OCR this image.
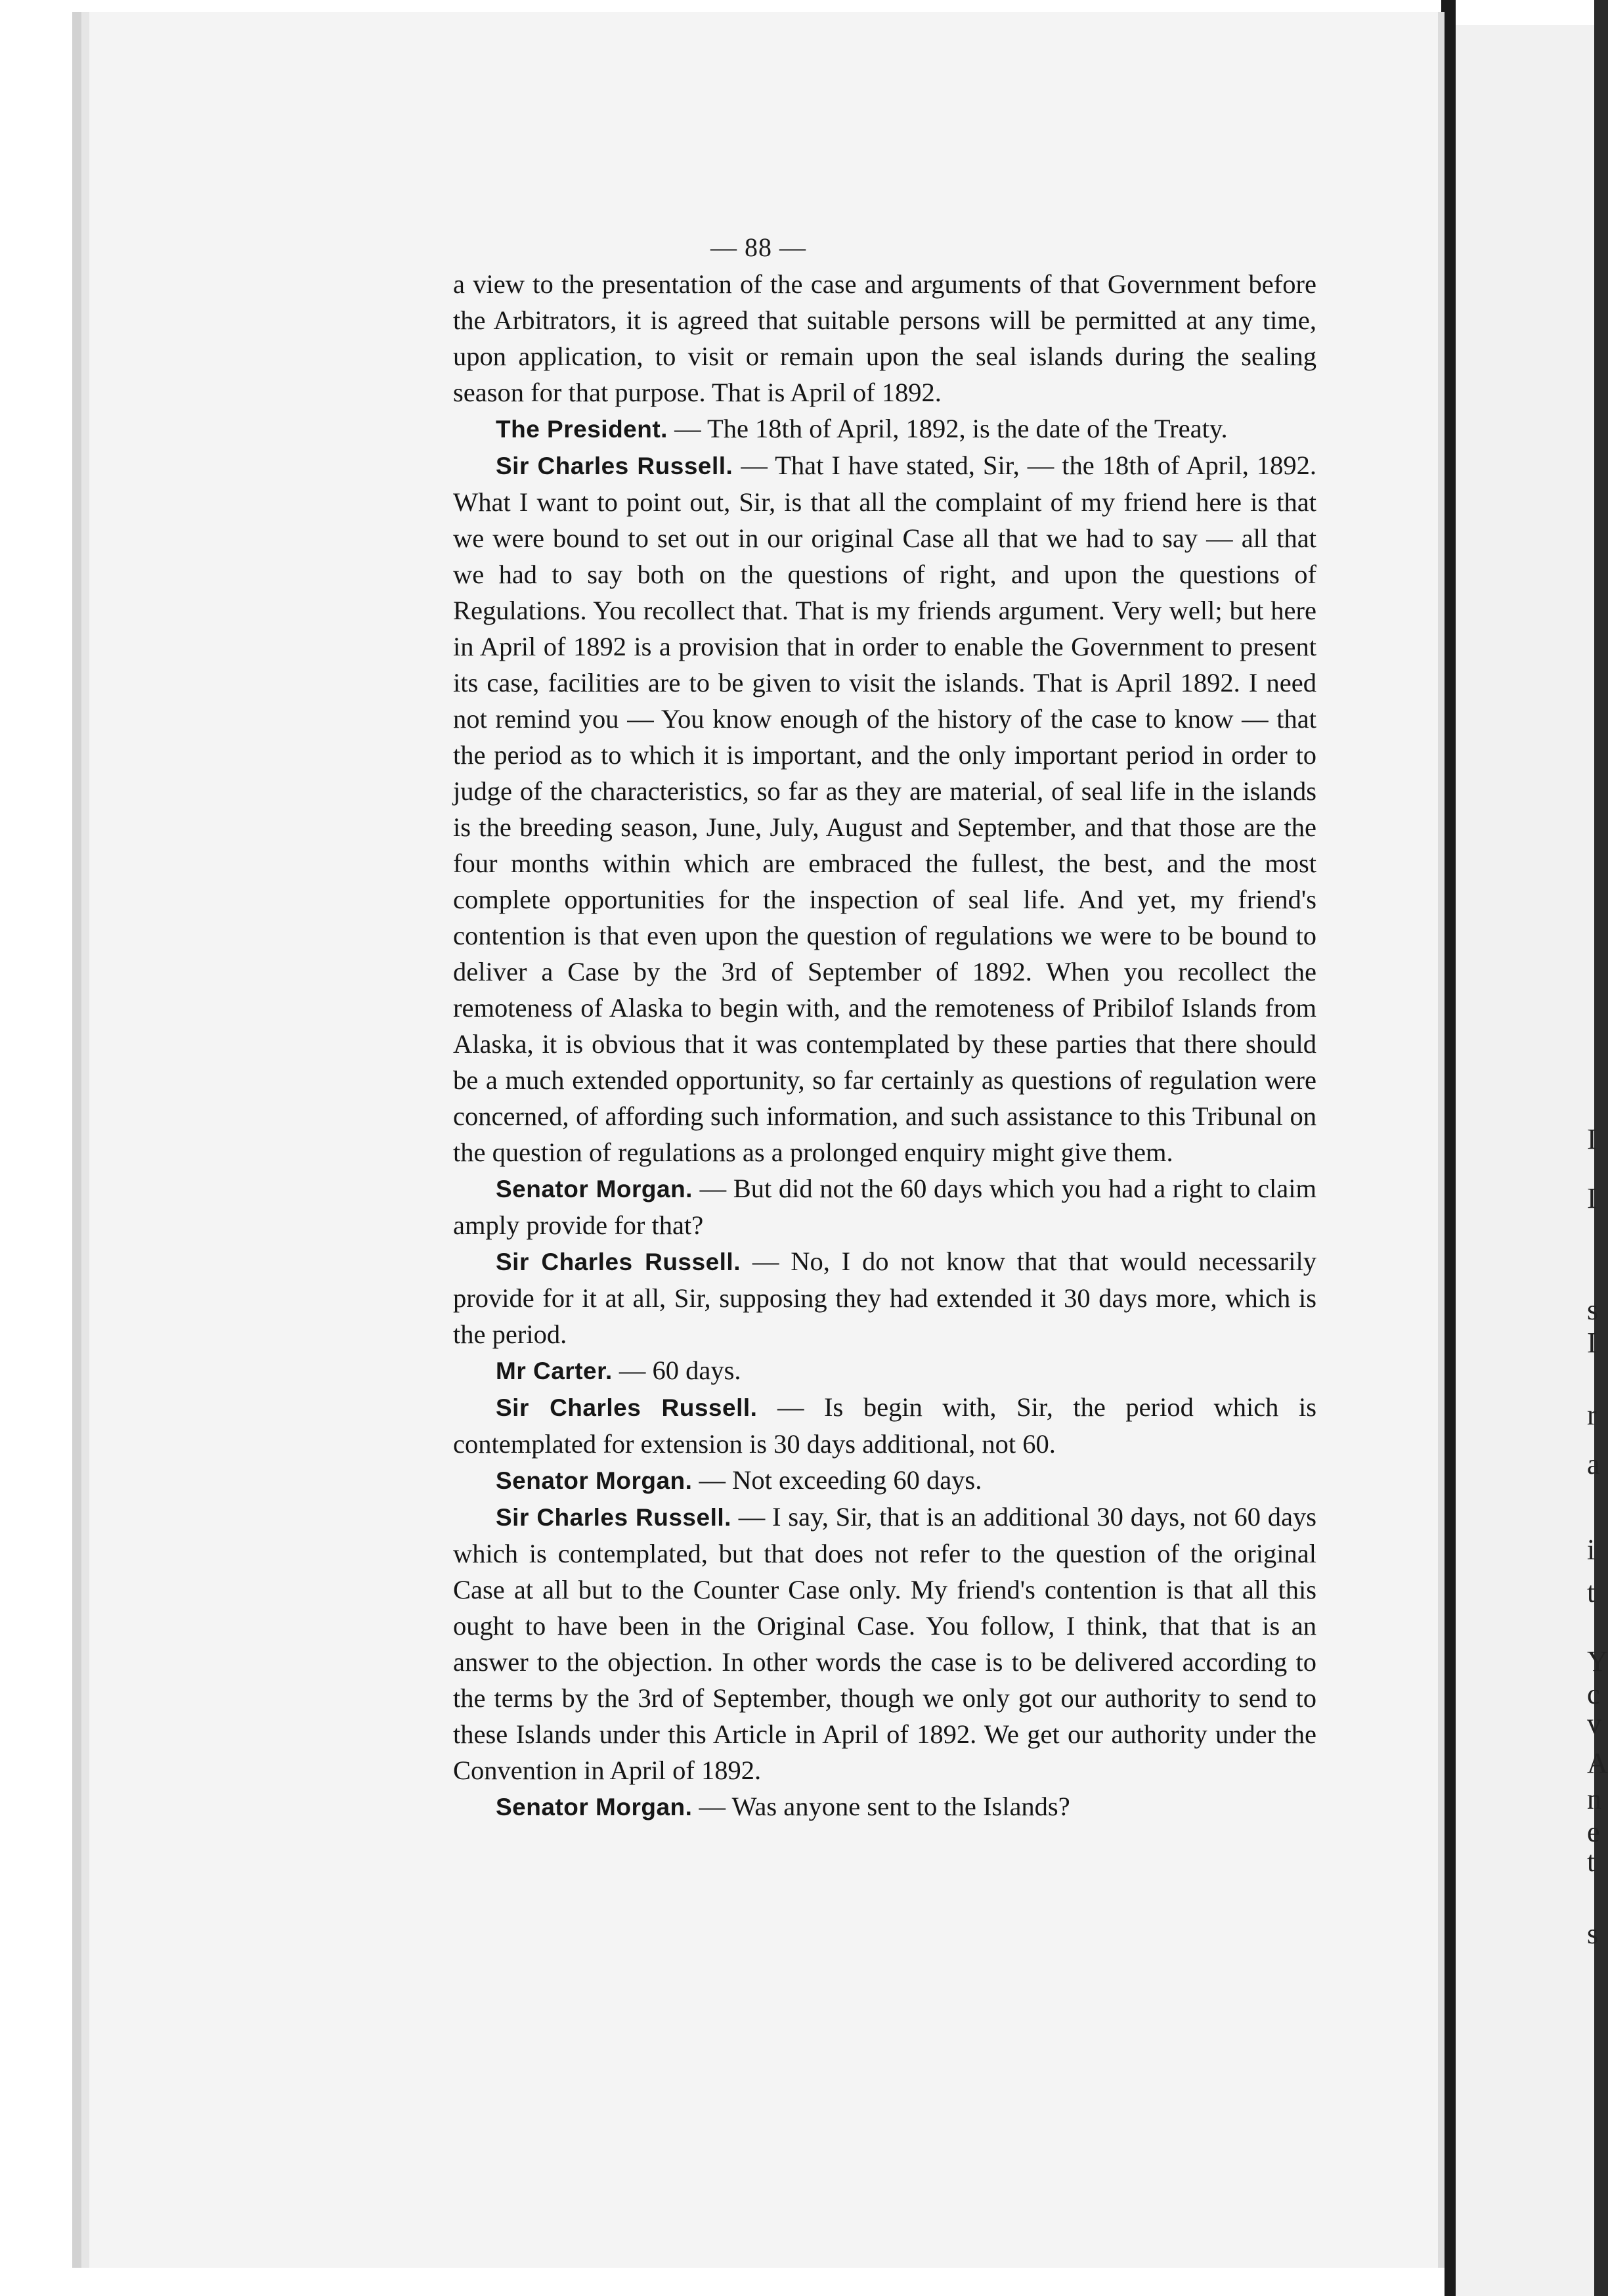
I
I
s
I
r
a
i
t
Y
c
v
A
n
e
t
s
— 88 —

a view to the presentation of the case and arguments of that Government before the Arbitrators, it is agreed that suitable persons will be permitted at any time, upon application, to visit or remain upon the seal islands during the sealing season for that purpose. That is April of 1892.

The President. — The 18th of April, 1892, is the date of the Treaty.

Sir Charles Russell. — That I have stated, Sir, — the 18th of April, 1892. What I want to point out, Sir, is that all the complaint of my friend here is that we were bound to set out in our original Case all that we had to say — all that we had to say both on the questions of right, and upon the questions of Regulations. You recollect that. That is my friends argument. Very well; but here in April of 1892 is a provision that in order to enable the Government to present its case, facilities are to be given to visit the islands. That is April 1892. I need not remind you — You know enough of the history of the case to know — that the period as to which it is important, and the only important period in order to judge of the characteristics, so far as they are material, of seal life in the islands is the breeding season, June, July, August and September, and that those are the four months within which are embraced the fullest, the best, and the most complete opportunities for the inspection of seal life. And yet, my friend's contention is that even upon the question of regulations we were to be bound to deliver a Case by the 3rd of September of 1892. When you recollect the remoteness of Alaska to begin with, and the remoteness of Pribilof Islands from Alaska, it is obvious that it was contemplated by these parties that there should be a much extended opportunity, so far certainly as questions of regulation were concerned, of affording such information, and such assistance to this Tribunal on the question of regulations as a prolonged enquiry might give them.

Senator Morgan. — But did not the 60 days which you had a right to claim amply provide for that?

Sir Charles Russell. — No, I do not know that that would necessarily provide for it at all, Sir, supposing they had extended it 30 days more, which is the period.

Mr Carter. — 60 days.

Sir Charles Russell. — Is begin with, Sir, the period which is contemplated for extension is 30 days additional, not 60.

Senator Morgan. — Not exceeding 60 days.

Sir Charles Russell. — I say, Sir, that is an additional 30 days, not 60 days which is contemplated, but that does not refer to the question of the original Case at all but to the Counter Case only. My friend's contention is that all this ought to have been in the Original Case. You follow, I think, that that is an answer to the objection. In other words the case is to be delivered according to the terms by the 3rd of September, though we only got our authority to send to these Islands under this Article in April of 1892. We get our authority under the Convention in April of 1892.

Senator Morgan. — Was anyone sent to the Islands?
